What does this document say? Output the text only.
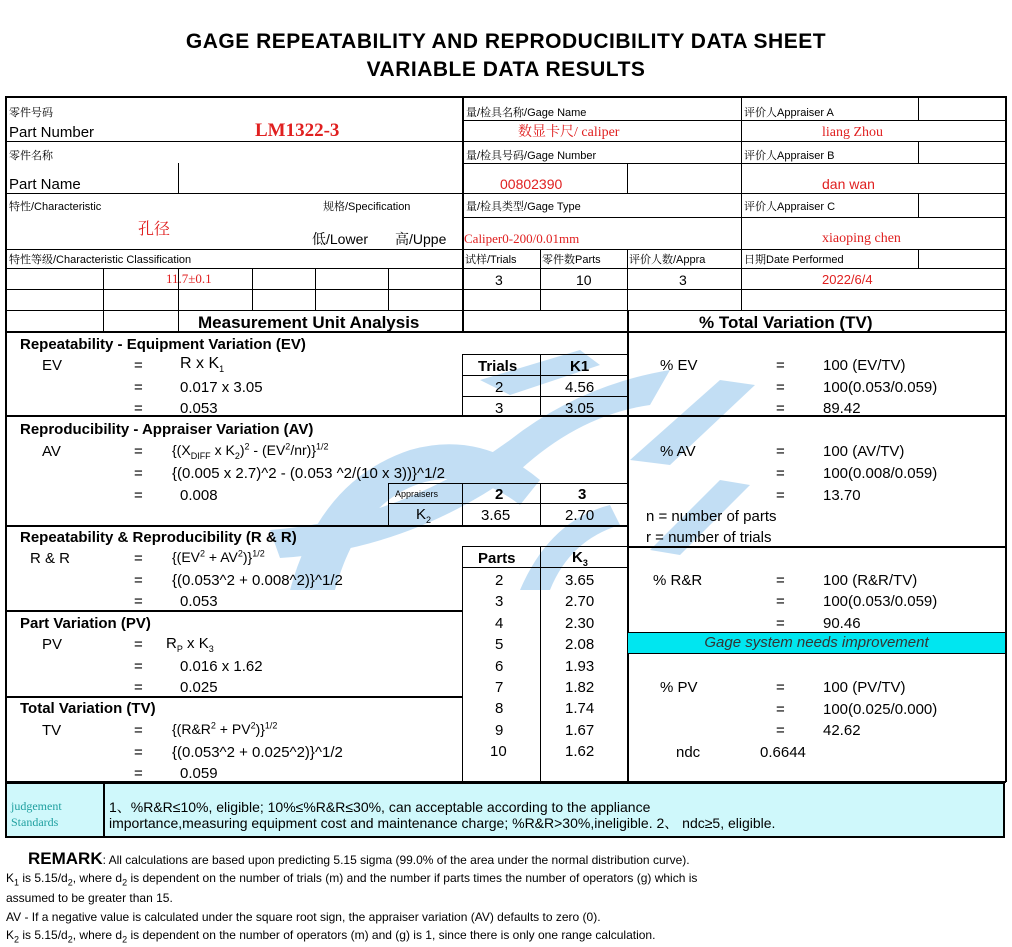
GAGE REPEATABILITY AND REPRODUCIBILITY DATA SHEET
VARIABLE DATA RESULTS
零件号码
Part Number	LM1322-3
零件名称
Part Name
特性/Characteristic
孔径
规格/Specification
低/Lower 高/Uppe
特性等级/Characteristic Classification
11.7±0.1
量/检具名称/Gage Name
数显卡尺/ caliper
量/检具号码/Gage Number
00802390
量/检具类型/Gage Type
Caliper0-200/0.01mm
试样/Trials 零件数Parts	评价人数/Appra	日期Date Performed
3	10	3	2022/6/4
评价人Appraiser A
liang Zhou
评价人Appraiser B
dan wan
评价人Appraiser C
xiaoping chen
Measurement Unit Analysis	% Total Variation (TV)
Repeatability - Equipment Variation (EV)
EV	= R x $K_1$
= 0.017 x 3.05
= 0.053
Trials	K1
2	4.56
3	3.05
% EV	=	100 (EV/TV)
=	100(0.053/0.059)
=	89.42
Reproducibility - Appraiser Variation (AV)
AV	= {($X_{DIFF}$ x $K_2)^2 - (EV^2/nr)\}^{1/2}$
= {(0.005 x 2.7)^2 - (0.053 ^2/(10 x 3))}^1/2
= 0.008	Appraisers	2	3
$K_2$	3.65	2.70
% AV	=	100 (AV/TV)
=	100(0.008/0.059)
=	13.70
n = number of parts
r = number of trials
Repeatability & Reproducibility (R & R)
R & R	= $\{(EV^2 + AV^2)\}^{1/2}$
= {(0.053^2 + 0.008^2)}^1/2
= 0.053
Parts	$K_3$
2	3.65
3	2.70
4	2.30
5	2.08
6	1.93
7	1.82
8	1.74
9	1.67
10	1.62
% R&R	=	100 (R&R/TV)
=	100(0.053/0.059)
=	90.46
Gage system needs improvement
Part Variation (PV)
PV	= $R_P$ x $K_3$
= 0.016 x 1.62
= 0.025	% PV	=	100 (PV/TV)
=	100(0.025/0.000)
=	42.62
Total Variation (TV)
TV	= $\{(R\&R^2 + PV^2)\}^{1/2}$
= {(0.053^2 + 0.025^2)}^1/2
= 0.059
ndc	0.6644
judgement
Standards
1、%R&R≤10%, eligible; 10%≤%R&R≤30%, can acceptable according to the appliance
importance,measuring equipment cost and maintenance charge; %R&R>30%,ineligible. 2、 ndc≥5, eligible.
REMARK: All calculations are based upon predicting 5.15 sigma (99.0% of the area under the normal distribution curve).
$K_1$ is $5.15/d_2$, where $d_2$ is dependent on the number of trials (m) and the number if parts times the number of operators (g) which is
assumed to be greater than 15.
AV - If a negative value is calculated under the square root sign, the appraiser variation (AV) defaults to zero (0).
$K_2$ is $5.15/d_2$, where $d_2$ is dependent on the number of operators (m) and (g) is 1, since there is only one range calculation.
